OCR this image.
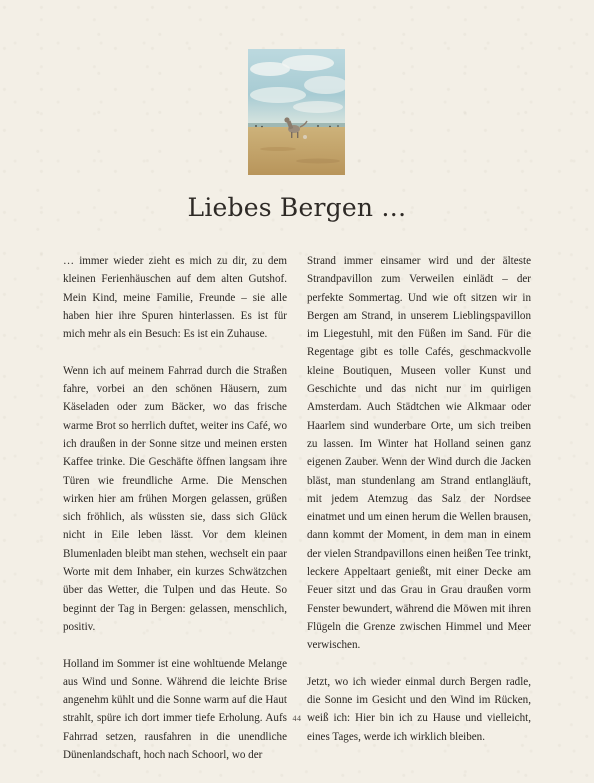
Liebes Bergen …

… immer wieder zieht es mich zu dir, zu dem kleinen Ferienhäuschen auf dem alten Gutshof. Mein Kind, meine Familie, Freunde – sie alle haben hier ihre Spuren hinterlassen. Es ist für mich mehr als ein Besuch: Es ist ein Zuhause.

Wenn ich auf meinem Fahrrad durch die Straßen fahre, vorbei an den schönen Häusern, zum Käseladen oder zum Bäcker, wo das frische warme Brot so herrlich duftet, weiter ins Café, wo ich draußen in der Sonne sitze und meinen ersten Kaffee trinke. Die Geschäfte öffnen langsam ihre Türen wie freundliche Arme. Die Menschen wirken hier am frühen Morgen gelassen, grüßen sich fröhlich, als wüssten sie, dass sich Glück nicht in Eile leben lässt. Vor dem kleinen Blumenladen bleibt man stehen, wechselt ein paar Worte mit dem Inhaber, ein kurzes Schwätzchen über das Wetter, die Tulpen und das Heute. So beginnt der Tag in Bergen: gelassen, menschlich, positiv.

Holland im Sommer ist eine wohltuende Melange aus Wind und Sonne. Während die leichte Brise angenehm kühlt und die Sonne warm auf die Haut strahlt, spüre ich dort immer tiefe Erholung. Aufs Fahrrad setzen, rausfahren in die unendliche Dünenlandschaft, hoch nach Schoorl, wo der

Strand immer einsamer wird und der älteste Strandpavillon zum Verweilen einlädt – der perfekte Sommertag. Und wie oft sitzen wir in Bergen am Strand, in unserem Lieblingspavillon im Liegestuhl, mit den Füßen im Sand. Für die Regentage gibt es tolle Cafés, geschmackvolle kleine Boutiquen, Museen voller Kunst und Geschichte und das nicht nur im quirligen Amsterdam. Auch Städtchen wie Alkmaar oder Haarlem sind wunderbare Orte, um sich treiben zu lassen. Im Winter hat Holland seinen ganz eigenen Zauber. Wenn der Wind durch die Jacken bläst, man stundenlang am Strand entlangläuft, mit jedem Atemzug das Salz der Nordsee einatmet und um einen herum die Wellen brausen, dann kommt der Moment, in dem man in einem der vielen Strandpavillons einen heißen Tee trinkt, leckere Appeltaart genießt, mit einer Decke am Feuer sitzt und das Grau in Grau draußen vorm Fenster bewundert, während die Möwen mit ihren Flügeln die Grenze zwischen Himmel und Meer verwischen.

Jetzt, wo ich wieder einmal durch Bergen radle, die Sonne im Gesicht und den Wind im Rücken, weiß ich: Hier bin ich zu Hause und vielleicht, eines Tages, werde ich wirklich bleiben.

44
